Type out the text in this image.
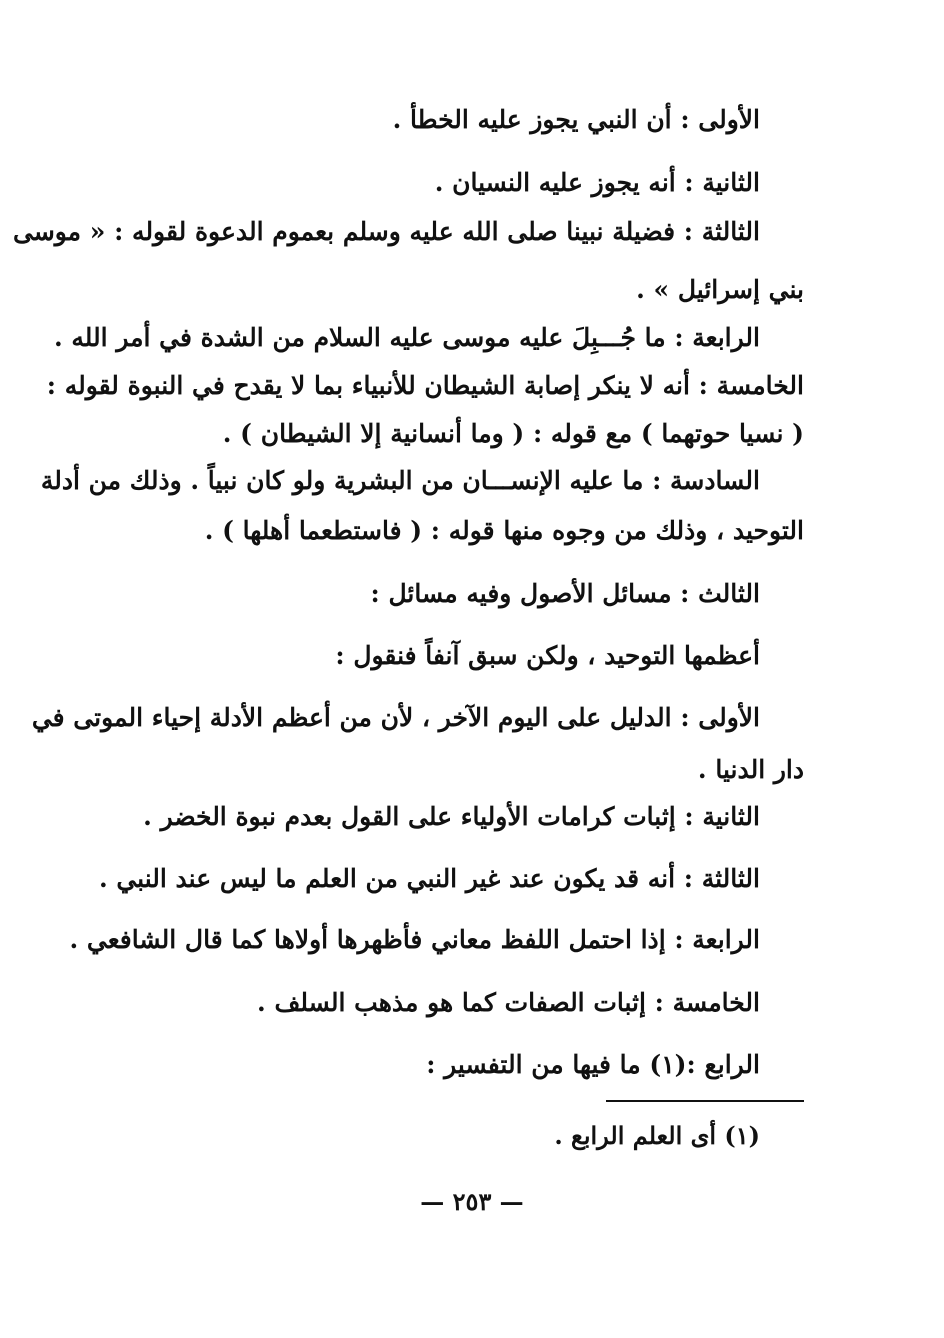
الأولى : أن النبي يجوز عليه الخطأ .
الثانية : أنه يجوز عليه النسيان .
الثالثة : فضيلة نبينا صلى الله عليه وسلم بعموم الدعوة لقوله : « موسى
بني إسرائيل » .
الرابعة : ما جُـــبِلَ عليه موسى عليه السلام من الشدة في أمر الله .
الخامسة : أنه لا ينكر إصابة الشيطان للأنبياء بما لا يقدح في النبوة لقوله :
( نسيا حوتهما ) مع قوله : ( وما أنسانية إلا الشيطان ) .
السادسة : ما عليه الإنســـان من البشرية ولو كان نبياً . وذلك من أدلة
التوحيد ، وذلك من وجوه منها قوله : ( فاستطعما أهلها ) .
الثالث : مسائل الأصول وفيه مسائل :
أعظمها التوحيد ، ولكن سبق آنفاً فنقول :
الأولى : الدليل على اليوم الآخر ، لأن من أعظم الأدلة إحياء الموتى في
دار الدنيا .
الثانية : إثبات كرامات الأولياء على القول بعدم نبوة الخضر .
الثالثة : أنه قد يكون عند غير النبي من العلم ما ليس عند النبي .
الرابعة : إذا احتمل اللفظ معاني فأظهرها أولاها كما قال الشافعي .
الخامسة : إثبات الصفات كما هو مذهب السلف .
الرابع :(١) ما فيها من التفسير :
(١) أى العلم الرابع .
— ٢٥٣ —
